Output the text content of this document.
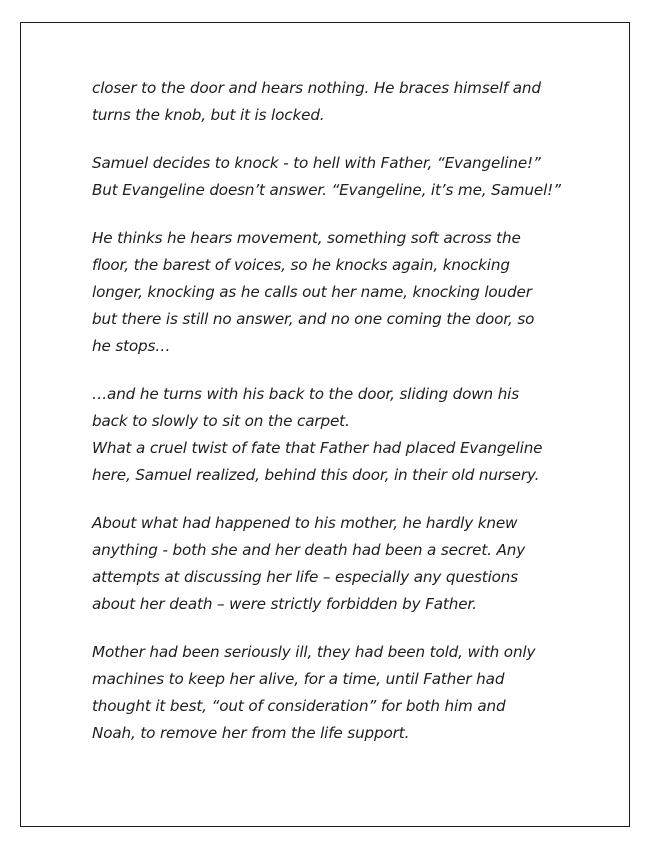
closer to the door and hears nothing. He braces himself and
turns the knob, but it is locked.

Samuel decides to knock - to hell with Father, “Evangeline!”
But Evangeline doesn’t answer. “Evangeline, it’s me, Samuel!”

He thinks he hears movement, something soft across the
floor, the barest of voices, so he knocks again, knocking
longer, knocking as he calls out her name, knocking louder
but there is still no answer, and no one coming the door, so
he stops…

…and he turns with his back to the door, sliding down his
back to slowly to sit on the carpet.
What a cruel twist of fate that Father had placed Evangeline
here, Samuel realized, behind this door, in their old nursery.

About what had happened to his mother, he hardly knew
anything - both she and her death had been a secret. Any
attempts at discussing her life – especially any questions
about her death – were strictly forbidden by Father.

Mother had been seriously ill, they had been told, with only
machines to keep her alive, for a time, until Father had
thought it best, “out of consideration” for both him and
Noah, to remove her from the life support.
